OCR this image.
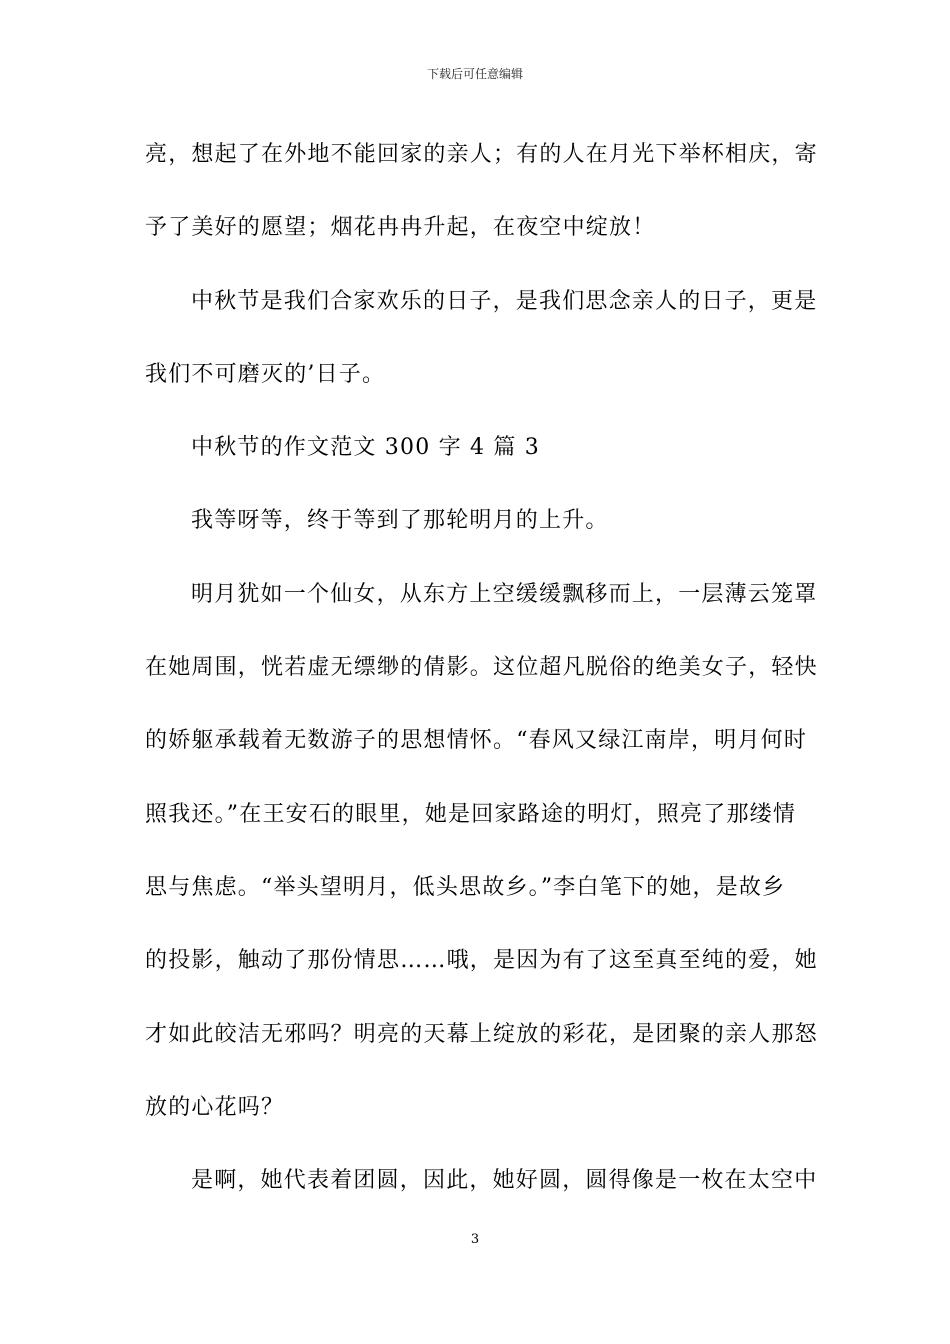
下载后可任意编辑
亮，想起了在外地不能回家的亲人；有的人在月光下举杯相庆，寄
予了美好的愿望；烟花冉冉升起，在夜空中绽放！
中秋节是我们合家欢乐的日子，是我们思念亲人的日子，更是
我们不可磨灭的’日子。
中秋节的作文范文 300 字 4 篇 3
我等呀等，终于等到了那轮明月的上升。
明月犹如一个仙女，从东方上空缓缓飘移而上，一层薄云笼罩
在她周围，恍若虚无缥缈的倩影。这位超凡脱俗的绝美女子，轻快
的娇躯承载着无数游子的思想情怀。“春风又绿江南岸，明月何时
照我还。”在王安石的眼里，她是回家路途的明灯，照亮了那缕情
思与焦虑。“举头望明月，低头思故乡。”李白笔下的她，是故乡
的投影，触动了那份情思……哦，是因为有了这至真至纯的爱，她
才如此皎洁无邪吗？明亮的天幕上绽放的彩花，是团聚的亲人那怒
放的心花吗？
是啊，她代表着团圆，因此，她好圆，圆得像是一枚在太空中
3
